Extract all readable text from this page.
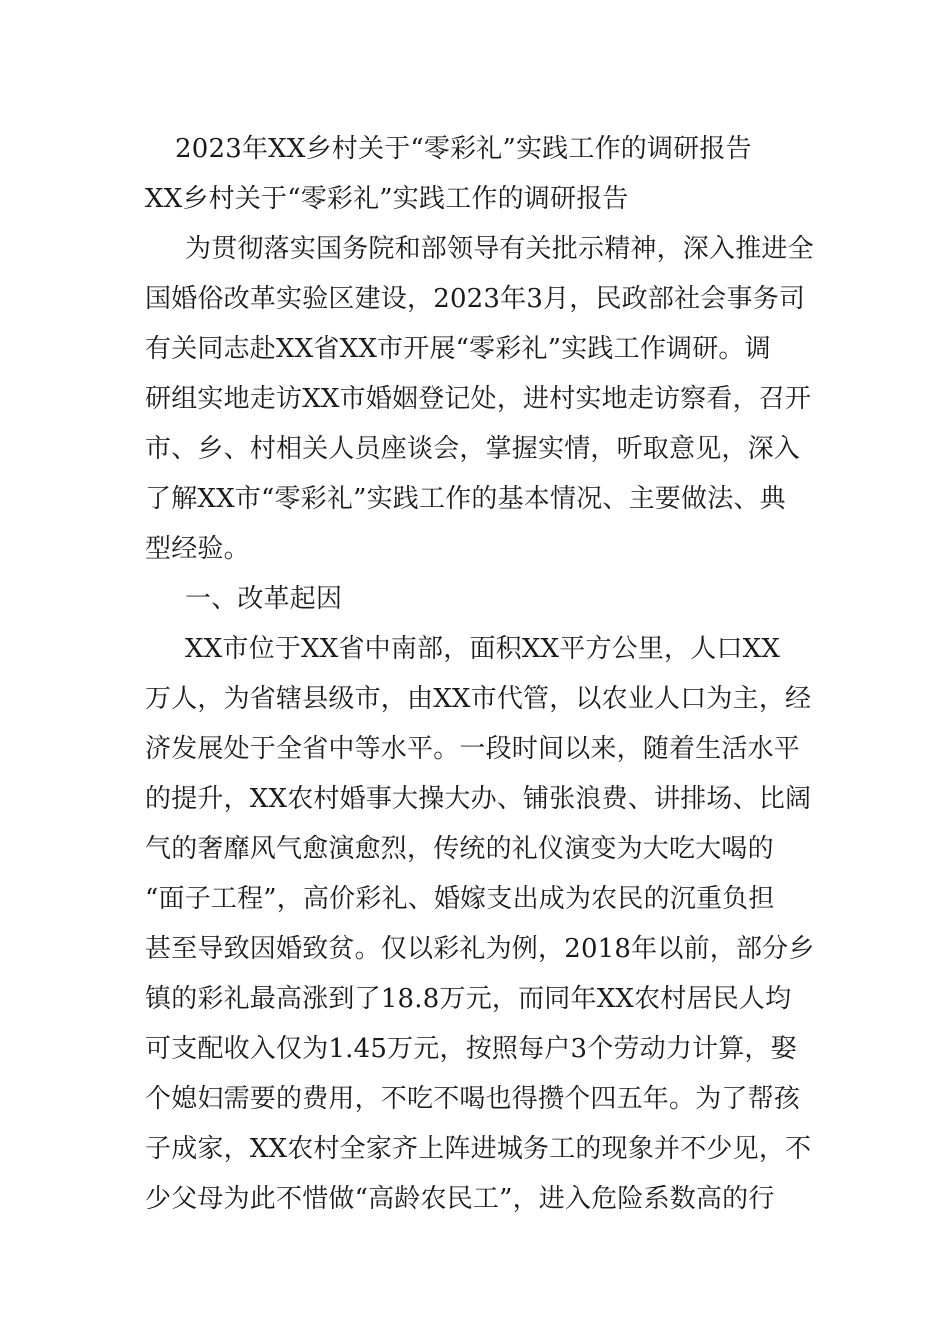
2023年XX乡村关于“零彩礼”实践工作的调研报告
XX乡村关于“零彩礼”实践工作的调研报告
为贯彻落实国务院和部领导有关批示精神，深入推进全
国婚俗改革实验区建设，2023年3月，民政部社会事务司
有关同志赴XX省XX市开展“零彩礼”实践工作调研。调
研组实地走访XX市婚姻登记处，进村实地走访察看，召开
市、乡、村相关人员座谈会，掌握实情，听取意见，深入
了解XX市“零彩礼”实践工作的基本情况、主要做法、典
型经验。
一、改革起因
XX市位于XX省中南部，面积XX平方公里，人口XX
万人，为省辖县级市，由XX市代管，以农业人口为主，经
济发展处于全省中等水平。一段时间以来，随着生活水平
的提升，XX农村婚事大操大办、铺张浪费、讲排场、比阔
气的奢靡风气愈演愈烈，传统的礼仪演变为大吃大喝的
“面子工程”，高价彩礼、婚嫁支出成为农民的沉重负担
甚至导致因婚致贫。仅以彩礼为例，2018年以前，部分乡
镇的彩礼最高涨到了18.8万元，而同年XX农村居民人均
可支配收入仅为1.45万元，按照每户3个劳动力计算，娶
个媳妇需要的费用，不吃不喝也得攒个四五年。为了帮孩
子成家，XX农村全家齐上阵进城务工的现象并不少见，不
少父母为此不惜做“高龄农民工”，进入危险系数高的行
